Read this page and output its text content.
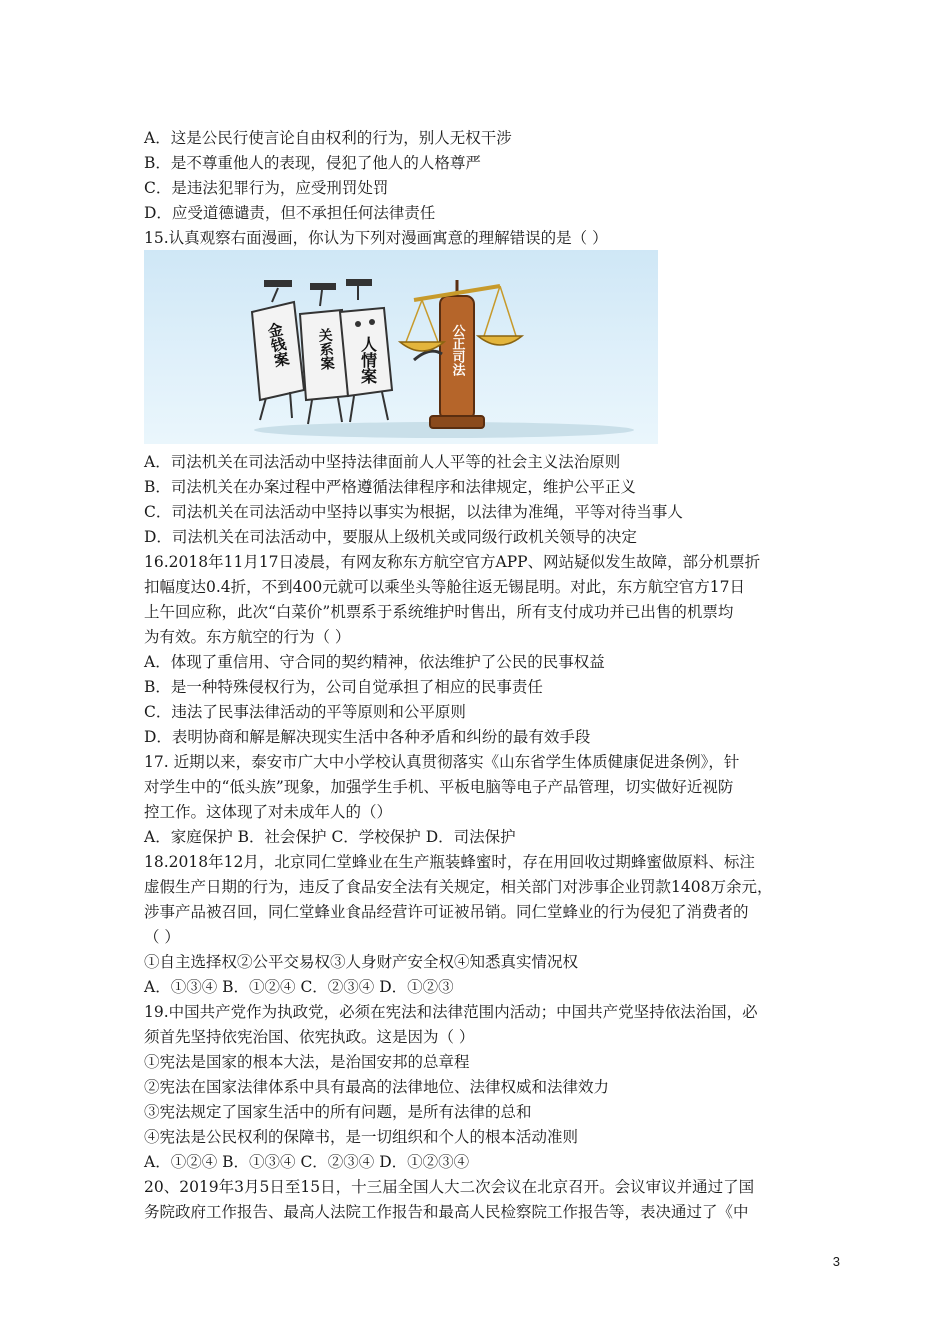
A．这是公民行使言论自由权利的行为，别人无权干涉
B．是不尊重他人的表现，侵犯了他人的人格尊严
C．是违法犯罪行为，应受刑罚处罚
D．应受道德谴责，但不承担任何法律责任
15.认真观察右面漫画，你认为下列对漫画寓意的理解错误的是（ ）
金钱案 关系案 人情案	公正司法
A．司法机关在司法活动中坚持法律面前人人平等的社会主义法治原则
B．司法机关在办案过程中严格遵循法律程序和法律规定，维护公平正义
C．司法机关在司法活动中坚持以事实为根据，以法律为准绳，平等对待当事人
D．司法机关在司法活动中，要服从上级机关或同级行政机关领导的决定
16.2018年11月17日凌晨，有网友称东方航空官方APP、网站疑似发生故障，部分机票折
扣幅度达0.4折，不到400元就可以乘坐头等舱往返无锡昆明。对此，东方航空官方17日
上午回应称，此次“白菜价”机票系于系统维护时售出，所有支付成功并已出售的机票均
为有效。东方航空的行为（ ）
A．体现了重信用、守合同的契约精神，依法维护了公民的民事权益
B．是一种特殊侵权行为，公司自觉承担了相应的民事责任
C．违法了民事法律活动的平等原则和公平原则
D．表明协商和解是解决现实生活中各种矛盾和纠纷的最有效手段
17. 近期以来，泰安市广大中小学校认真贯彻落实《山东省学生体质健康促进条例》，针
对学生中的“低头族”现象，加强学生手机、平板电脑等电子产品管理，切实做好近视防
控工作。这体现了对未成年人的（）
A．家庭保护 B．社会保护 C．学校保护 D．司法保护
18.2018年12月，北京同仁堂蜂业在生产瓶装蜂蜜时，存在用回收过期蜂蜜做原料、标注
虚假生产日期的行为，违反了食品安全法有关规定，相关部门对涉事企业罚款1408万余元，
涉事产品被召回，同仁堂蜂业食品经营许可证被吊销。同仁堂蜂业的行为侵犯了消费者的
（ ）
①自主选择权②公平交易权③人身财产安全权④知悉真实情况权
A．①③④ B．①②④ C．②③④ D．①②③
19.中国共产党作为执政党，必须在宪法和法律范围内活动；中国共产党坚持依法治国，必
须首先坚持依宪治国、依宪执政。这是因为（ ）
①宪法是国家的根本大法，是治国安邦的总章程
②宪法在国家法律体系中具有最高的法律地位、法律权威和法律效力
③宪法规定了国家生活中的所有问题，是所有法律的总和
④宪法是公民权利的保障书，是一切组织和个人的根本活动准则
A．①②④ B．①③④ C．②③④ D．①②③④
20、2019年3月5日至15日，十三届全国人大二次会议在北京召开。会议审议并通过了国
务院政府工作报告、最高人法院工作报告和最高人民检察院工作报告等，表决通过了《中
3
